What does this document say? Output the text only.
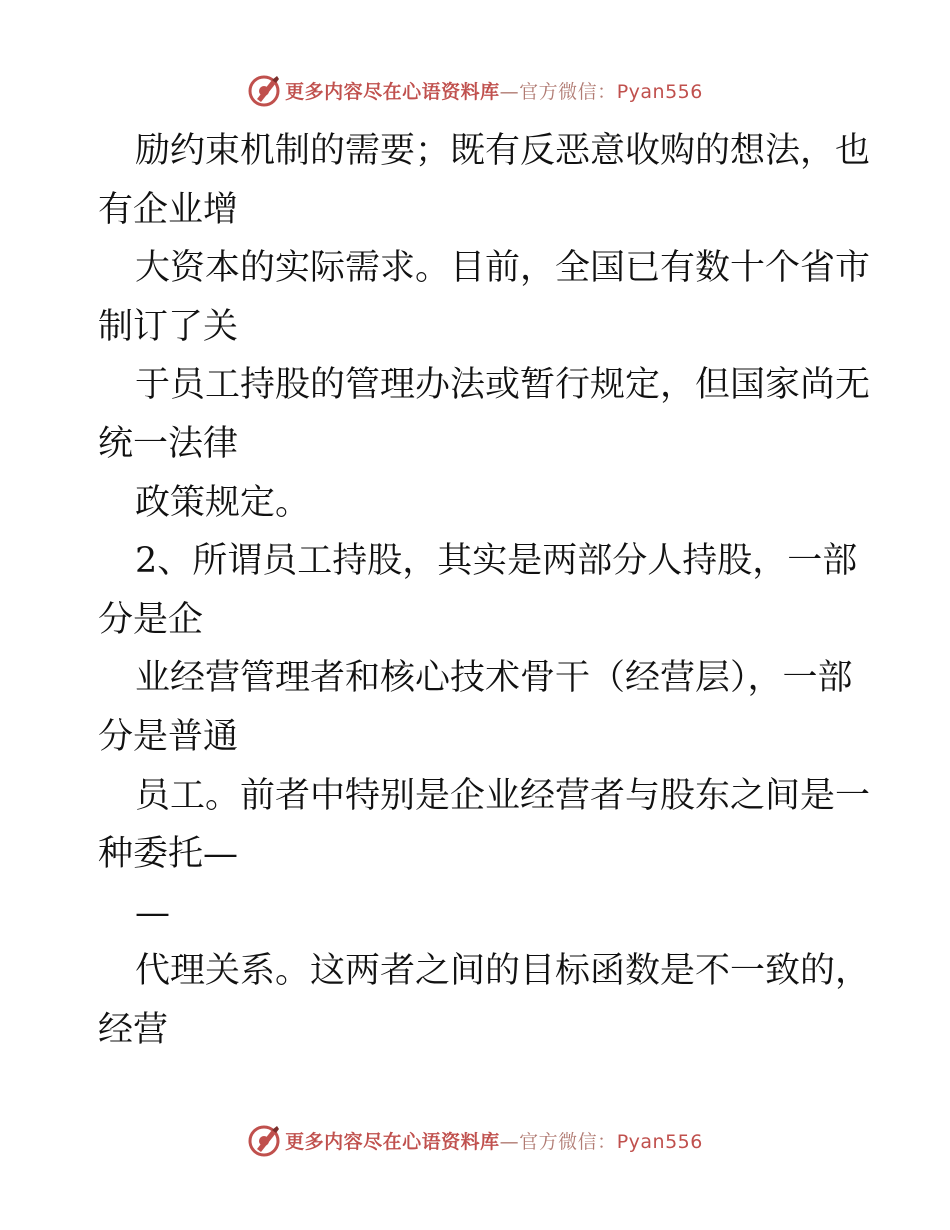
更多内容尽在心语资料库—官方微信：Pyan556
励约束机制的需要；既有反恶意收购的想法，也
有企业增
大资本的实际需求。目前，全国已有数十个省市
制订了关
于员工持股的管理办法或暂行规定，但国家尚无
统一法律
政策规定。
2、所谓员工持股，其实是两部分人持股，一部
分是企
业经营管理者和核心技术骨干（经营层），一部
分是普通
员工。前者中特别是企业经营者与股东之间是一
种委托—
—
代理关系。这两者之间的目标函数是不一致的，
经营
更多内容尽在心语资料库—官方微信：Pyan556
